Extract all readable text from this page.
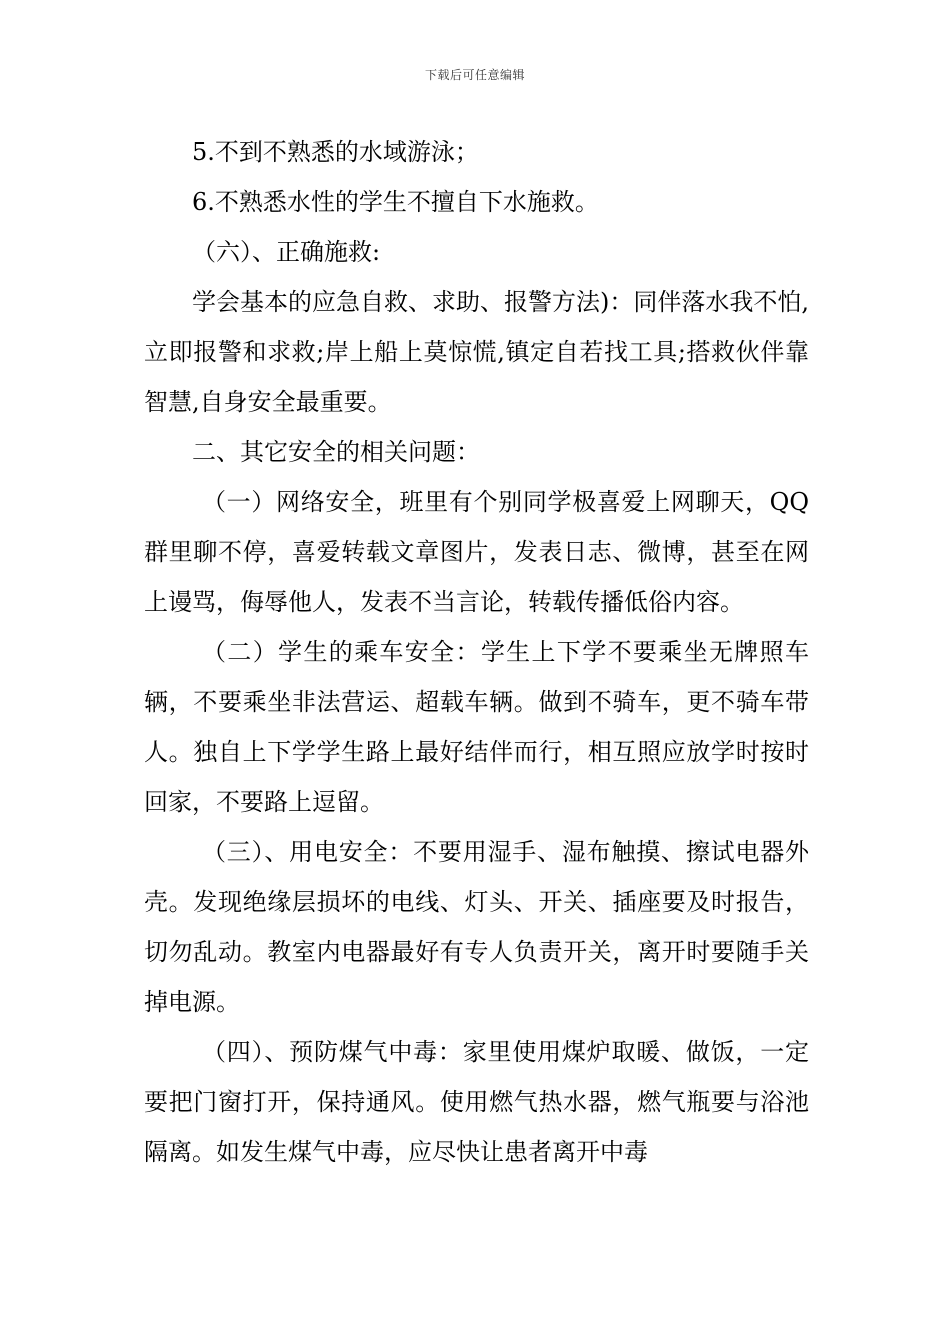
下载后可任意编辑

5.不到不熟悉的水域游泳；

6.不熟悉水性的学生不擅自下水施救。

（六）、正确施救:

学会基本的应急自救、求助、报警方法)：同伴落水我不怕,立即报警和求救;岸上船上莫惊慌,镇定自若找工具;搭救伙伴靠智慧,自身安全最重要。

二、其它安全的相关问题：

（一）网络安全，班里有个别同学极喜爱上网聊天，QQ群里聊不停，喜爱转载文章图片，发表日志、微博，甚至在网上谩骂，侮辱他人，发表不当言论，转载传播低俗内容。

（二）学生的乘车安全：学生上下学不要乘坐无牌照车辆，不要乘坐非法营运、超载车辆。做到不骑车，更不骑车带人。独自上下学学生路上最好结伴而行，相互照应放学时按时回家，不要路上逗留。

（三）、用电安全：不要用湿手、湿布触摸、擦试电器外壳。发现绝缘层损坏的电线、灯头、开关、插座要及时报告，切勿乱动。教室内电器最好有专人负责开关，离开时要随手关掉电源。

（四）、预防煤气中毒：家里使用煤炉取暖、做饭，一定要把门窗打开，保持通风。使用燃气热水器，燃气瓶要与浴池隔离。如发生煤气中毒，应尽快让患者离开中毒
